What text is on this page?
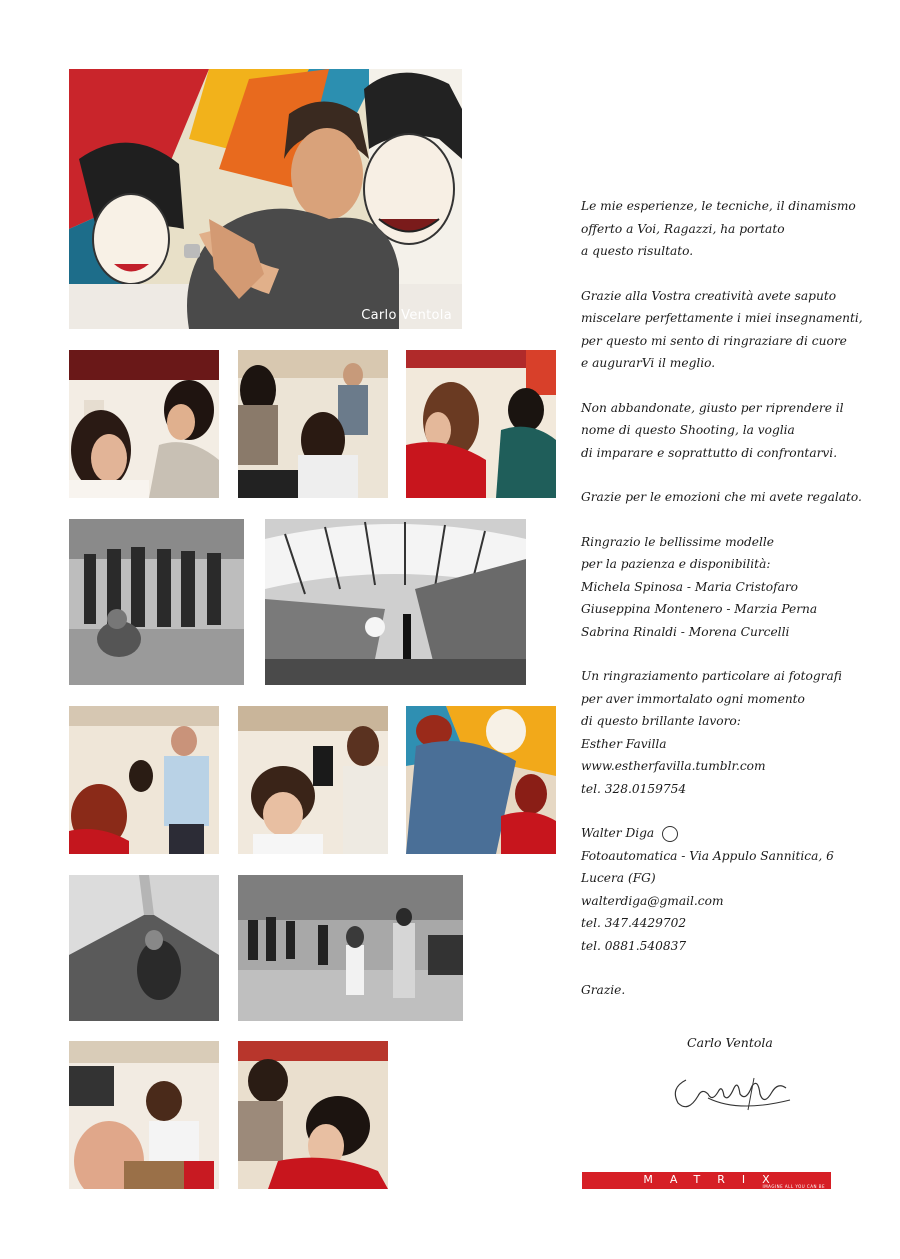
Carlo Ventola
Le mie esperienze, le tecniche, il dinamismo
offerto a Voi, Ragazzi, ha portato
a questo risultato.
Grazie alla Vostra creatività avete saputo
miscelare perfettamente i miei insegnamenti,
per questo mi sento di ringraziare di cuore
e augurarVi il meglio.
Non abbandonate, giusto per riprendere il
nome di questo Shooting, la voglia
di imparare e soprattutto di confrontarvi.
Grazie per le emozioni che mi avete regalato.
Ringrazio le bellissime modelle
per la pazienza e disponibilità:
Michela Spinosa - Maria Cristofaro
Giuseppina Montenero - Marzia Perna
Sabrina Rinaldi - Morena Curcelli
Un ringraziamento particolare ai fotografi
per aver immortalato ogni momento
di questo brillante lavoro:
Esther Favilla
www.estherfavilla.tumblr.com
tel. 328.0159754
Walter Diga
Fotoautomatica - Via Appulo Sannitica, 6
Lucera (FG)
walterdiga@gmail.com
tel. 347.4429702
tel. 0881.540837
Grazie.
Carlo Ventola
MATRIX
IMAGINE ALL YOU CAN BE
